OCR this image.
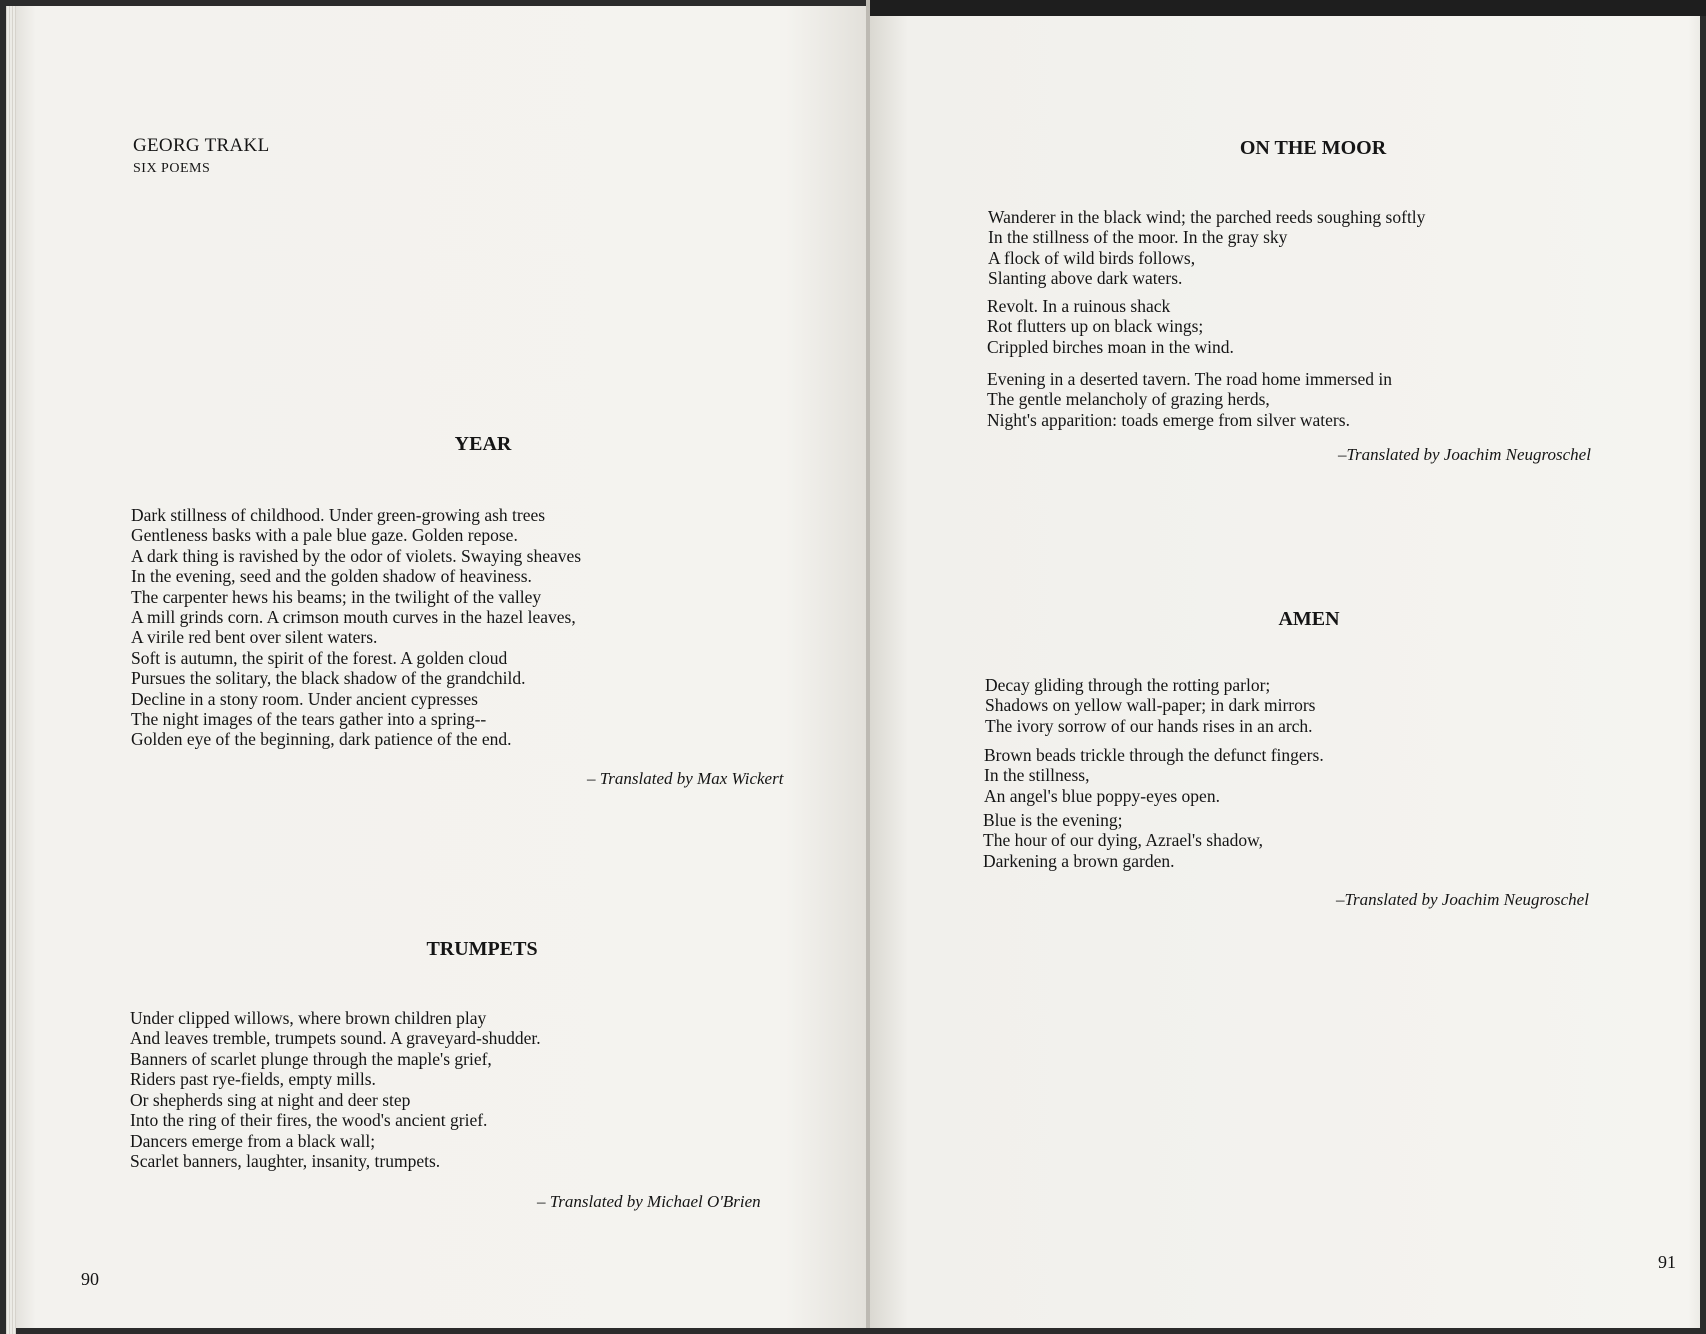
GEORG TRAKL
SIX POEMS
YEAR
Dark stillness of childhood. Under green-growing ash trees
Gentleness basks with a pale blue gaze. Golden repose.
A dark thing is ravished by the odor of violets. Swaying sheaves
In the evening, seed and the golden shadow of heaviness.
The carpenter hews his beams; in the twilight of the valley
A mill grinds corn. A crimson mouth curves in the hazel leaves,
A virile red bent over silent waters.
Soft is autumn, the spirit of the forest. A golden cloud
Pursues the solitary, the black shadow of the grandchild.
Decline in a stony room. Under ancient cypresses
The night images of the tears gather into a spring--
Golden eye of the beginning, dark patience of the end.
– Translated by Max Wickert
TRUMPETS
Under clipped willows, where brown children play
And leaves tremble, trumpets sound. A graveyard-shudder.
Banners of scarlet plunge through the maple's grief,
Riders past rye-fields, empty mills.
Or shepherds sing at night and deer step
Into the ring of their fires, the wood's ancient grief.
Dancers emerge from a black wall;
Scarlet banners, laughter, insanity, trumpets.
– Translated by Michael O'Brien
90
ON THE MOOR
Wanderer in the black wind; the parched reeds soughing softly
In the stillness of the moor. In the gray sky
A flock of wild birds follows,
Slanting above dark waters.
Revolt. In a ruinous shack
Rot flutters up on black wings;
Crippled birches moan in the wind.
Evening in a deserted tavern. The road home immersed in
The gentle melancholy of grazing herds,
Night's apparition: toads emerge from silver waters.
–Translated by Joachim Neugroschel
AMEN
Decay gliding through the rotting parlor;
Shadows on yellow wall-paper; in dark mirrors
The ivory sorrow of our hands rises in an arch.
Brown beads trickle through the defunct fingers.
In the stillness,
An angel's blue poppy-eyes open.
Blue is the evening;
The hour of our dying, Azrael's shadow,
Darkening a brown garden.
–Translated by Joachim Neugroschel
91
